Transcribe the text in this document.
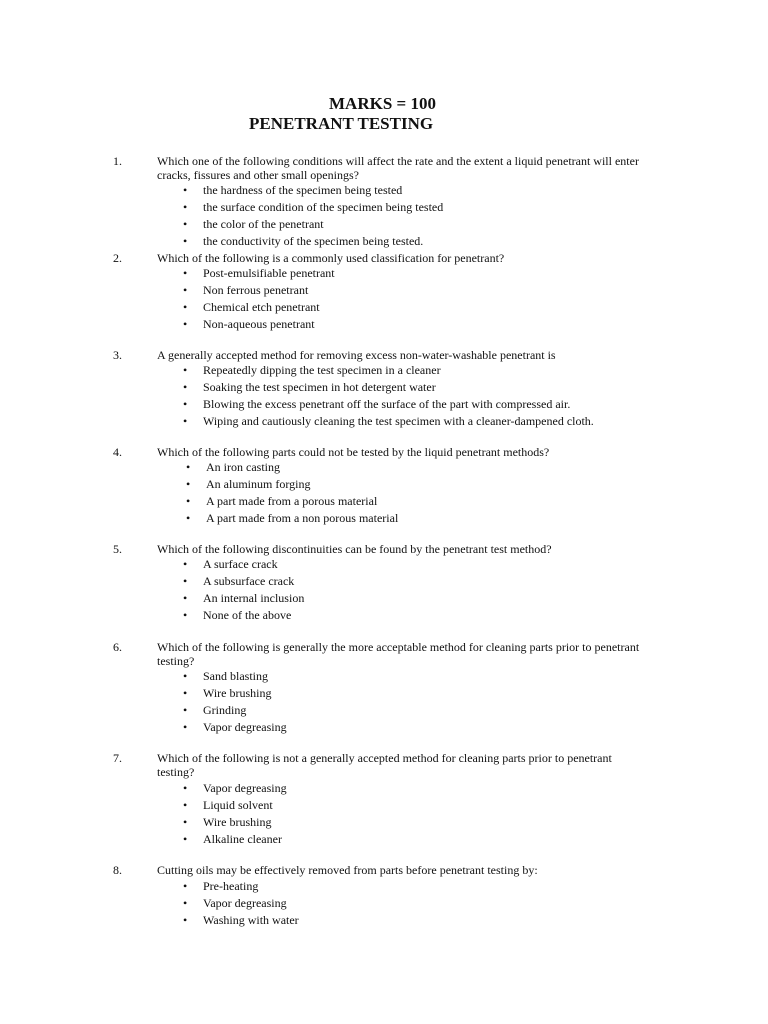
MARKS = 100
PENETRANT TESTING
1.	Which one of the following conditions will affect the rate and the extent a liquid penetrant will enter cracks, fissures and other small openings?
• the hardness of the specimen being tested
• the surface condition of the specimen being tested
• the color of the penetrant
• the conductivity of the specimen being tested.
2.	Which of the following is a commonly used classification for penetrant?
• Post-emulsifiable penetrant
• Non ferrous penetrant
• Chemical etch penetrant
• Non-aqueous penetrant
3.	A generally accepted method for removing excess non-water-washable penetrant is
• Repeatedly dipping the test specimen in a cleaner
• Soaking the test specimen in hot detergent water
• Blowing the excess penetrant off the surface of the part with compressed air.
• Wiping and cautiously cleaning the test specimen with a cleaner-dampened cloth.
4.	Which of the following parts could not be tested by the liquid penetrant methods?
• An iron casting
• An aluminum forging
• A part made from a porous material
• A part made from a non porous material
5.	Which of the following discontinuities can be found by the penetrant test method?
• A surface crack
• A subsurface crack
• An internal inclusion
• None of the above
6.	Which of the following is generally the more acceptable method for cleaning parts prior to penetrant testing?
• Sand blasting
• Wire brushing
• Grinding
• Vapor degreasing
7.	Which of the following is not a generally accepted method for cleaning parts prior to penetrant testing?
• Vapor degreasing
• Liquid solvent
• Wire brushing
• Alkaline cleaner
8.	Cutting oils may be effectively removed from parts before penetrant testing by:
• Pre-heating
• Vapor degreasing
• Washing with water
